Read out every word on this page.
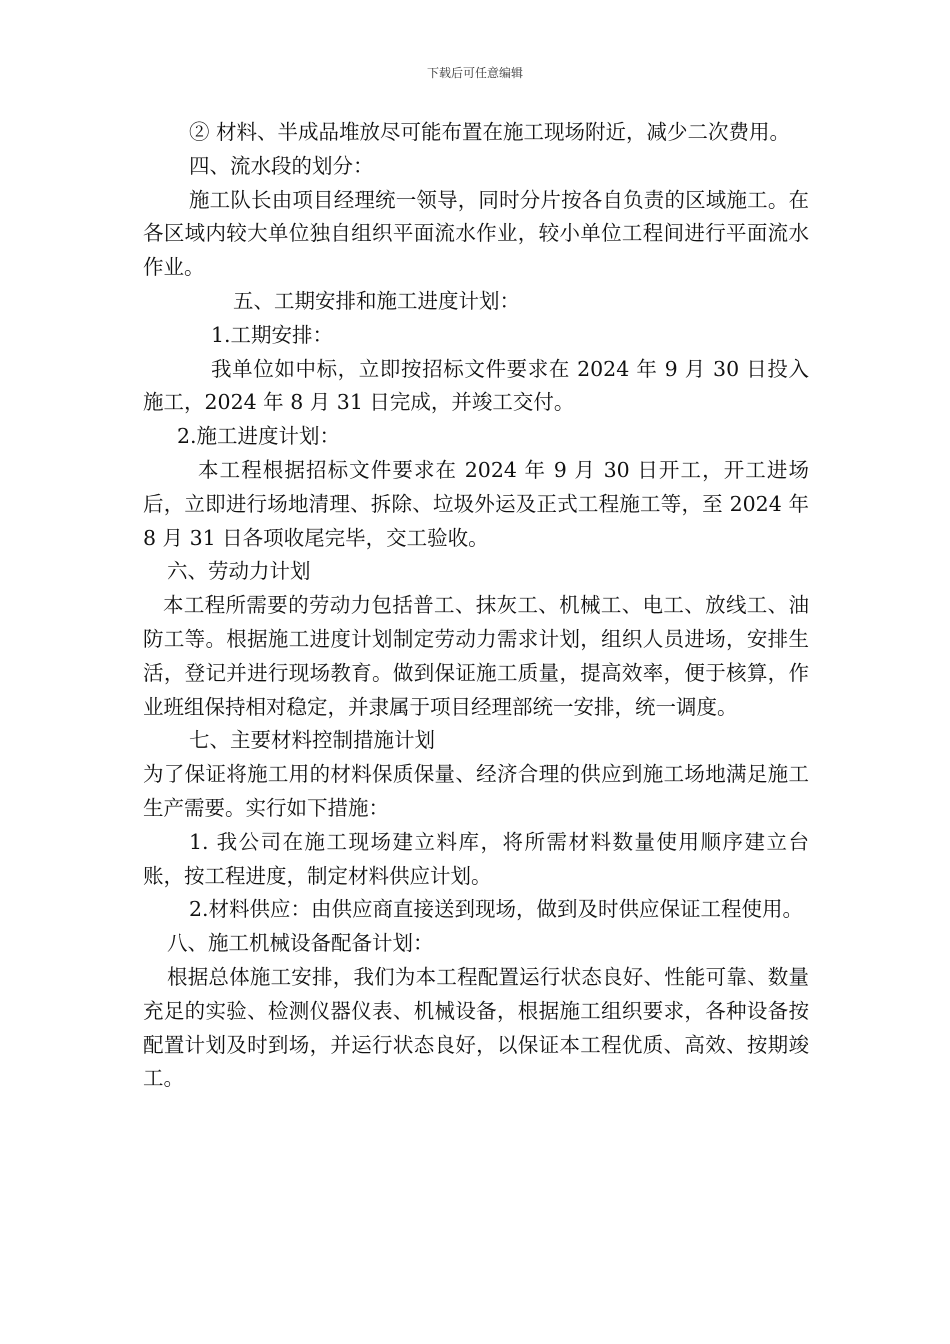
下载后可任意编辑

② 材料、半成品堆放尽可能布置在施工现场附近，减少二次费用。

四、流水段的划分：

施工队长由项目经理统一领导，同时分片按各自负责的区域施工。在各区域内较大单位独自组织平面流水作业，较小单位工程间进行平面流水作业。

五、工期安排和施工进度计划：

1.工期安排：

我单位如中标，立即按招标文件要求在 2024 年 9 月 30 日投入施工，2024 年 8 月 31 日完成，并竣工交付。

2.施工进度计划：

本工程根据招标文件要求在 2024 年 9 月 30 日开工，开工进场后，立即进行场地清理、拆除、垃圾外运及正式工程施工等，至 2024 年 8 月 31 日各项收尾完毕，交工验收。

六、劳动力计划

本工程所需要的劳动力包括普工、抹灰工、机械工、电工、放线工、油防工等。根据施工进度计划制定劳动力需求计划，组织人员进场，安排生活，登记并进行现场教育。做到保证施工质量，提高效率，便于核算，作业班组保持相对稳定，并隶属于项目经理部统一安排，统一调度。

七、主要材料控制措施计划

为了保证将施工用的材料保质保量、经济合理的供应到施工场地满足施工生产需要。实行如下措施：

1. 我公司在施工现场建立料库，将所需材料数量使用顺序建立台账，按工程进度，制定材料供应计划。

2.材料供应：由供应商直接送到现场，做到及时供应保证工程使用。

八、施工机械设备配备计划：

根据总体施工安排，我们为本工程配置运行状态良好、性能可靠、数量充足的实验、检测仪器仪表、机械设备，根据施工组织要求，各种设备按配置计划及时到场，并运行状态良好，以保证本工程优质、高效、按期竣工。
